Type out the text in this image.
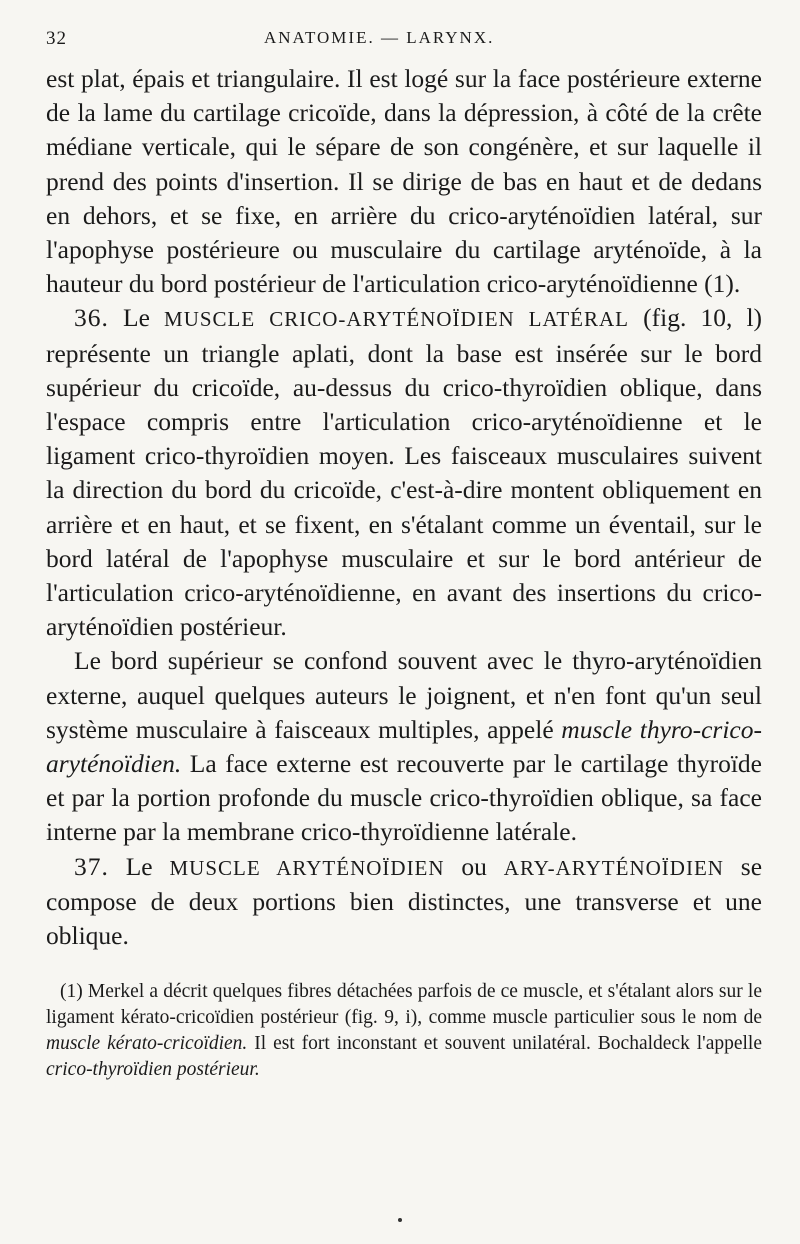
32	ANATOMIE. — LARYNX.

est plat, épais et triangulaire. Il est logé sur la face postérieure externe de la lame du cartilage cricoïde, dans la dépression, à côté de la crête médiane verticale, qui le sépare de son congénère, et sur laquelle il prend des points d'insertion. Il se dirige de bas en haut et de dedans en dehors, et se fixe, en arrière du crico-aryténoïdien latéral, sur l'apophyse postérieure ou musculaire du cartilage aryténoïde, à la hauteur du bord postérieur de l'articulation crico-aryténoïdienne (1).

36. Le MUSCLE CRICO-ARYTÉNOÏDIEN LATÉRAL (fig. 10, l) représente un triangle aplati, dont la base est insérée sur le bord supérieur du cricoïde, au-dessus du crico-thyroïdien oblique, dans l'espace compris entre l'articulation crico-aryténoïdienne et le ligament crico-thyroïdien moyen. Les faisceaux musculaires suivent la direction du bord du cricoïde, c'est-à-dire montent obliquement en arrière et en haut, et se fixent, en s'étalant comme un éventail, sur le bord latéral de l'apophyse musculaire et sur le bord antérieur de l'articulation crico-aryténoïdienne, en avant des insertions du crico-aryténoïdien postérieur.

Le bord supérieur se confond souvent avec le thyro-aryténoïdien externe, auquel quelques auteurs le joignent, et n'en font qu'un seul système musculaire à faisceaux multiples, appelé muscle thyro-crico-aryténoïdien. La face externe est recouverte par le cartilage thyroïde et par la portion profonde du muscle crico-thyroïdien oblique, sa face interne par la membrane crico-thyroïdienne latérale.

37. Le MUSCLE ARYTÉNOÏDIEN ou ARY-ARYTÉNOÏDIEN se compose de deux portions bien distinctes, une transverse et une oblique.

(1) Merkel a décrit quelques fibres détachées parfois de ce muscle, et s'étalant alors sur le ligament kérato-cricoïdien postérieur (fig. 9, i), comme muscle particulier sous le nom de muscle kérato-cricoïdien. Il est fort inconstant et souvent unilatéral. Bochaldeck l'appelle crico-thyroïdien postérieur.
